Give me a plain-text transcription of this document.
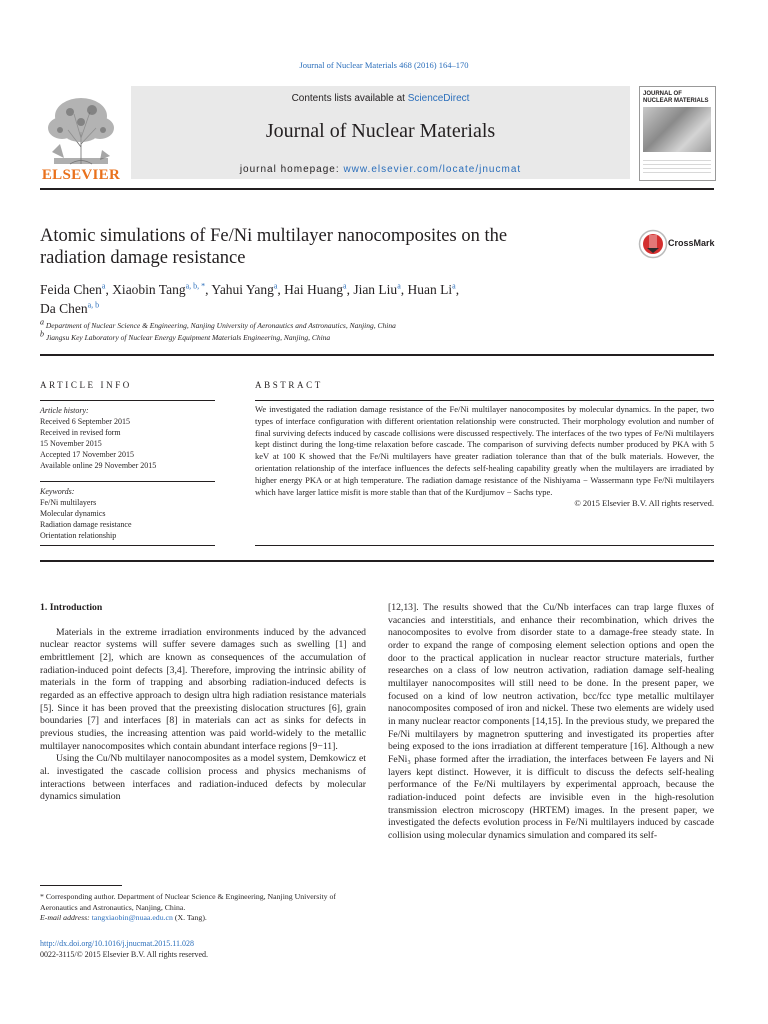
Journal of Nuclear Materials 468 (2016) 164–170
ELSEVIER
Contents lists available at ScienceDirect
Journal of Nuclear Materials
journal homepage: www.elsevier.com/locate/jnucmat
JOURNAL OF NUCLEAR MATERIALS
Atomic simulations of Fe/Ni multilayer nanocomposites on the
radiation damage resistance
CrossMark
Feida Chen$^a$, Xiaobin Tang$^{a, b, *}$, Yahui Yang$^a$, Hai Huang$^a$, Jian Liu$^a$, Huan Li$^a$,
Da Chen$^{a, b}$
$^a$ Department of Nuclear Science & Engineering, Nanjing University of Aeronautics and Astronautics, Nanjing, China
$^b$ Jiangsu Key Laboratory of Nuclear Energy Equipment Materials Engineering, Nanjing, China
ARTICLE INFO
Article history:
Received 6 September 2015
Received in revised form
15 November 2015
Accepted 17 November 2015
Available online 29 November 2015
Keywords:
Fe/Ni multilayers
Molecular dynamics
Radiation damage resistance
Orientation relationship
ABSTRACT
We investigated the radiation damage resistance of the Fe/Ni multilayer nanocomposites by molecular dynamics. In the paper, two types of interface configuration with different orientation relationship were constructed. Their morphology evolution and number of final surviving defects induced by cascade collisions were discussed respectively. The interfaces of the two types of Fe/Ni multilayers kept distinct during the long-time relaxation before cascade. The comparison of surviving defects number produced by PKA with 5 keV at 100 K showed that the Fe/Ni multilayers have greater radiation tolerance than that of the bulk materials. However, the orientation relationship of the interface influences the defects self-healing capability greatly when the multilayers are irradiated by higher energy PKA or at high temperature. The radiation damage resistance of the Nishiyama − Wassermann type Fe/Ni multilayers which have larger lattice misfit is more stable than that of the Kurdjumov − Sachs type.
© 2015 Elsevier B.V. All rights reserved.
1. Introduction

Materials in the extreme irradiation environments induced by the advanced nuclear reactor systems will suffer severe damages such as swelling [1] and embrittlement [2], which are known as consequences of the accumulation of radiation-induced point defects [3,4]. Therefore, improving the intrinsic ability of materials in the form of trapping and absorbing radiation-induced defects is regarded as an effective approach to design ultra high radiation resistance materials [5]. Since it has been proved that the preexisting dislocation structures [6], grain boundaries [7] and interfaces [8] in materials can act as sinks for defects in previous studies, the increasing attention was paid world-widely to the metallic multilayer nanocomposites which contain abundant interface regions [9−11].

Using the Cu/Nb multilayer nanocomposites as a model system, Demkowicz et al. investigated the cascade collision process and physics mechanisms of interactions between interfaces and radiation-induced defects by molecular dynamics simulation

[12,13]. The results showed that the Cu/Nb interfaces can trap large fluxes of vacancies and interstitials, and enhance their recombination, which drives the nanocomposites to evolve from disorder state to a damage-free steady state. In order to expand the range of composing element selection options and open the door to the practical application in nuclear reactor structure materials, further researches on a class of low neutron activation, radiation damage self-healing multilayer nanocomposites will still need to be done. In the present paper, we focused on a kind of low neutron activation, bcc/fcc type metallic multilayer nanocomposites composed of iron and nickel. These two elements are widely used in many nuclear reactor components [14,15]. In the previous study, we prepared the Fe/Ni multilayers by magnetron sputtering and investigated its properties after being exposed to the ions irradiation at different temperature [16]. Although a new FeNi₃ phase formed after the irradiation, the interfaces between Fe layers and Ni layers kept distinct. However, it is difficult to discuss the defects self-healing performance of the Fe/Ni multilayers by experimental approach, because the radiation-induced point defects are invisible even in the high-resolution transmission electron microscopy (HRTEM) images. In the present paper, we investigated the defects evolution process in Fe/Ni multilayers induced by cascade collision using molecular dynamics simulation and compared its self-

* Corresponding author. Department of Nuclear Science & Engineering, Nanjing University of Aeronautics and Astronautics, Nanjing, China.
E-mail address: tangxiaobin@nuaa.edu.cn (X. Tang).
http://dx.doi.org/10.1016/j.jnucmat.2015.11.028
0022-3115/© 2015 Elsevier B.V. All rights reserved.
